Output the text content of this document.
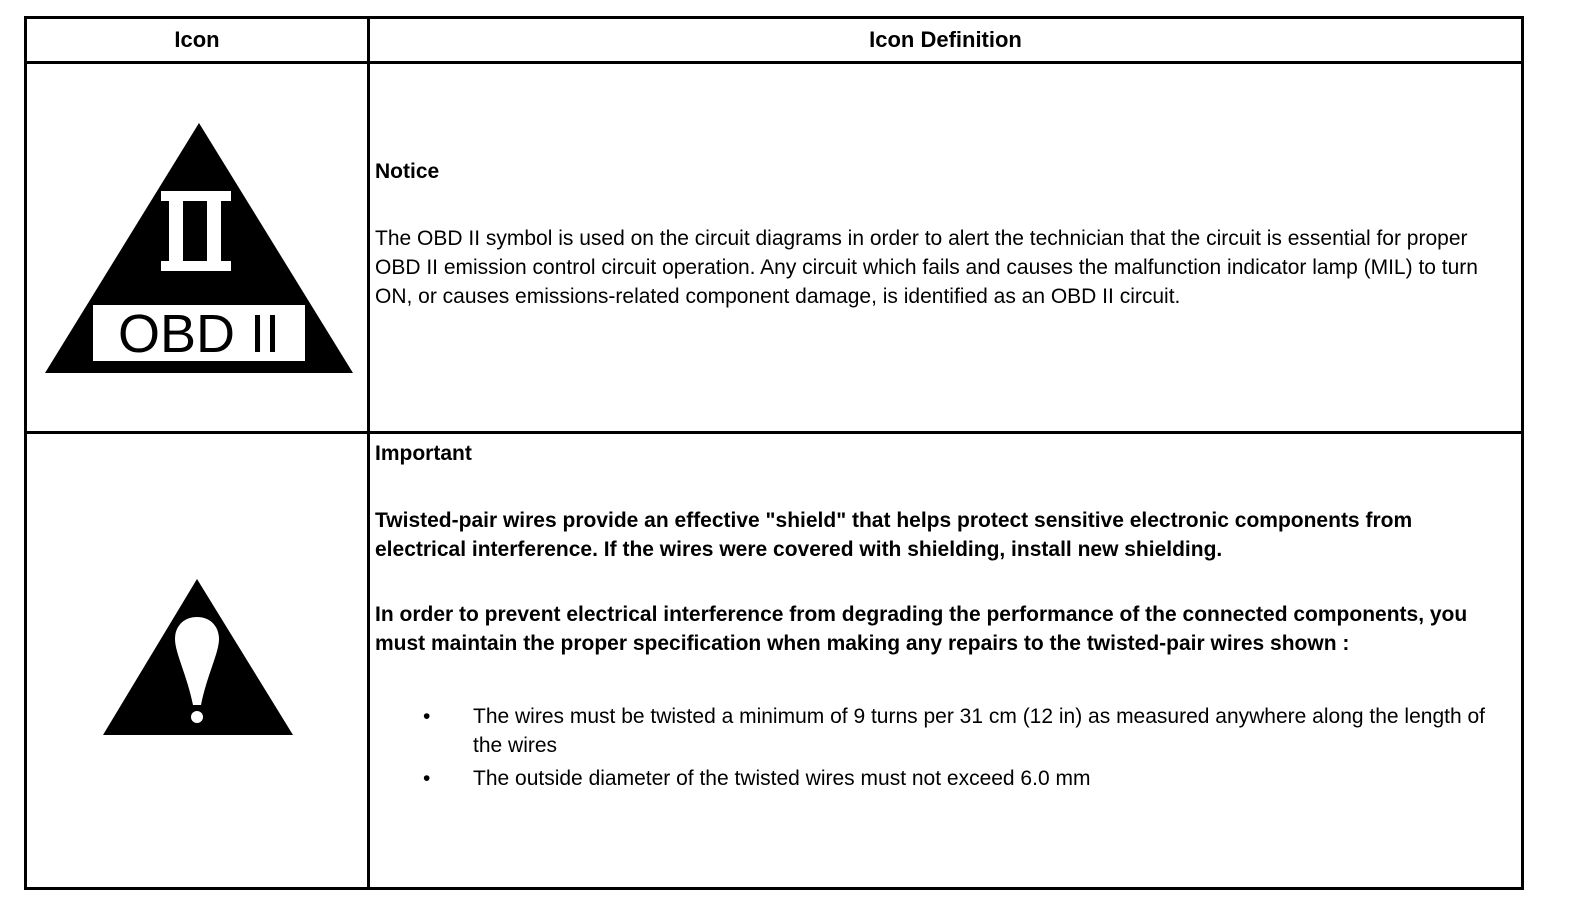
Icon	Icon Definition
OBD II

Notice

The OBD II symbol is used on the circuit diagrams in order to alert the technician that the circuit is essential for proper OBD II emission control circuit operation. Any circuit which fails and causes the malfunction indicator lamp (MIL) to turn ON, or causes emissions-related component damage, is identified as an OBD II circuit.

Important

Twisted-pair wires provide an effective "shield" that helps protect sensitive electronic components from electrical interference. If the wires were covered with shielding, install new shielding.

In order to prevent electrical interference from degrading the performance of the connected components, you must maintain the proper specification when making any repairs to the twisted-pair wires shown :

• The wires must be twisted a minimum of 9 turns per 31 cm (12 in) as measured anywhere along the length of the wires
• The outside diameter of the twisted wires must not exceed 6.0 mm
